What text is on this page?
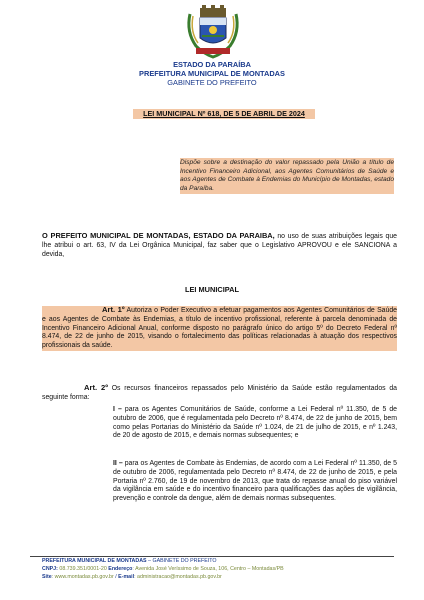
ESTADO DA PARAÍBA
PREFEITURA MUNICIPAL DE MONTADAS
GABINETE DO PREFEITO
LEI MUNICIPAL Nº 618, DE 5 DE ABRIL DE 2024
Dispõe sobre a destinação do valor repassado pela União a título de Incentivo Financeiro Adicional, aos Agentes Comunitários de Saúde e aos Agentes de Combate à Endemias do Município de Montadas, estado da Paraíba.
O PREFEITO MUNICIPAL DE MONTADAS, ESTADO DA PARAIBA, no uso de suas atribuições legais que lhe atribui o art. 63, IV da Lei Orgânica Municipal, faz saber que o Legislativo APROVOU e ele SANCIONA a devida,
LEI MUNICIPAL
Art. 1º Autoriza o Poder Executivo a efetuar pagamentos aos Agentes Comunitários de Saúde e aos Agentes de Combate às Endemias, a título de incentivo profissional, referente à parcela denominada de Incentivo Financeiro Adicional Anual, conforme disposto no parágrafo único do artigo 5º do Decreto Federal nº 8.474, de 22 de junho de 2015, visando o fortalecimento das políticas relacionadas à atuação dos respectivos profissionais da saúde.
Art. 2º Os recursos financeiros repassados pelo Ministério da Saúde estão regulamentados da seguinte forma:
I – para os Agentes Comunitários de Saúde, conforme a Lei Federal nº 11.350, de 5 de outubro de 2006, que é regulamentada pelo Decreto nº 8.474, de 22 de junho de 2015, bem como pelas Portarias do Ministério da Saúde nº 1.024, de 21 de julho de 2015, e nº 1.243, de 20 de agosto de 2015, e demais normas subsequentes; e
II – para os Agentes de Combate às Endemias, de acordo com a Lei Federal nº 11.350, de 5 de outubro de 2006, regulamentada pelo Decreto nº 8.474, de 22 de junho de 2015, e pela Portaria nº 2.760, de 19 de novembro de 2013, que trata do repasse anual do piso variável da vigilância em saúde e do incentivo financeiro para qualificações das ações de vigilância, prevenção e controle da dengue, além de demais normas subsequentes.
PREFEITURA MUNICIPAL DE MONTADAS – GABINETE DO PREFEITO
CNPJ: 08.739.351/0001-20 Endereço: Avenida José Veríssimo de Souza, 106, Centro – Montadas/PB
Site: www.montadas.pb.gov.br / E-mail: administracao@montadas.pb.gov.br
